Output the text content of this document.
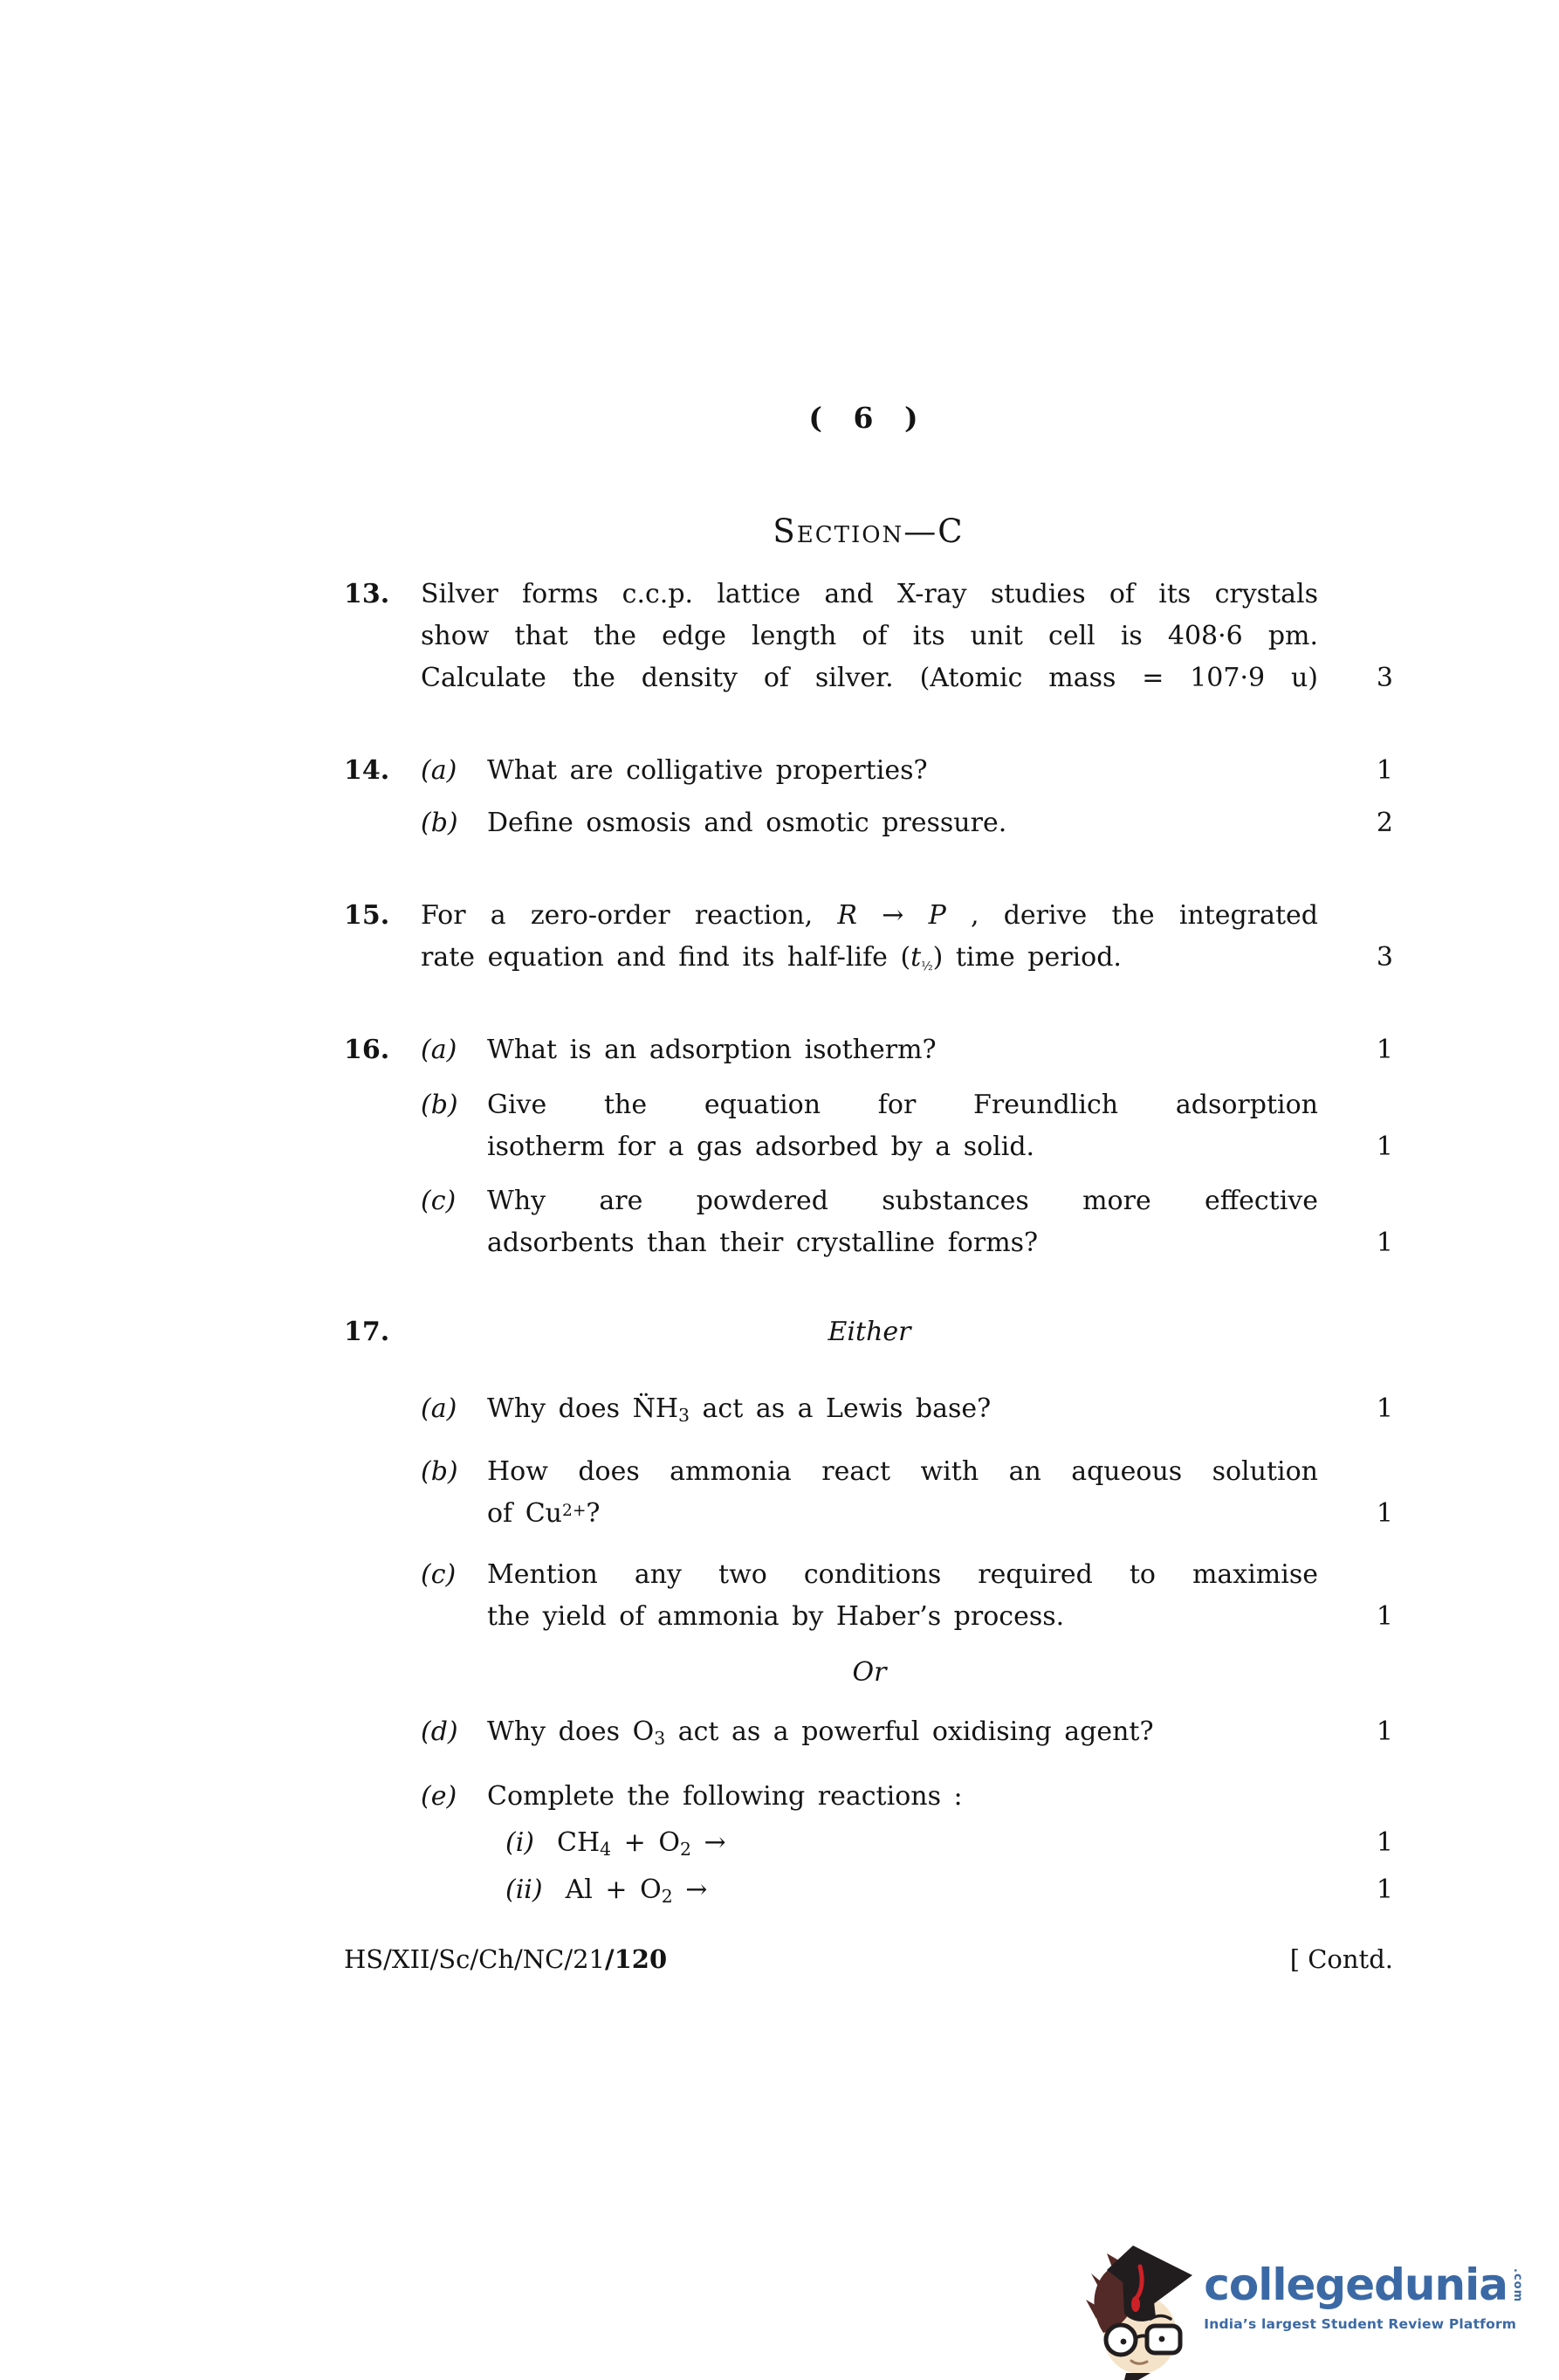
( 6 )
Section—C
13.	Silver forms c.c.p. lattice and X-ray studies of its crystals
show that the edge length of its unit cell is 408·6 pm.
Calculate the density of silver. (Atomic mass = 107·9 u)	3
14.	(a)	What are colligative properties?	1
(b)	Define osmosis and osmotic pressure.	2
15.	For a zero-order reaction, R → P , derive the integrated
rate equation and find its half-life $(t_{\frac{1}{2}})$ time period.	3
16.	(a)	What is an adsorption isotherm?	1
(b)	Give the equation for Freundlich adsorption
isotherm for a gas adsorbed by a solid.	1
(c)	Why are powdered substances more effective
adsorbents than their crystalline forms?	1
17.	Either
(a)	Why does $N̈H_3$ act as a Lewis base?	1
(b)	How does ammonia react with an aqueous solution
of $Cu^{2+}$?	1
(c)	Mention any two conditions required to maximise
the yield of ammonia by Haber’s process.	1
Or
(d)	Why does $O_3$ act as a powerful oxidising agent?	1
(e)	Complete the following reactions :
(i) $CH_4 + O_2$ →	1
(ii) $Al + O_2$ →	1
HS/XII/Sc/Ch/NC/21/120	[ Contd.
collegedunia .com
India’s largest Student Review Platform
